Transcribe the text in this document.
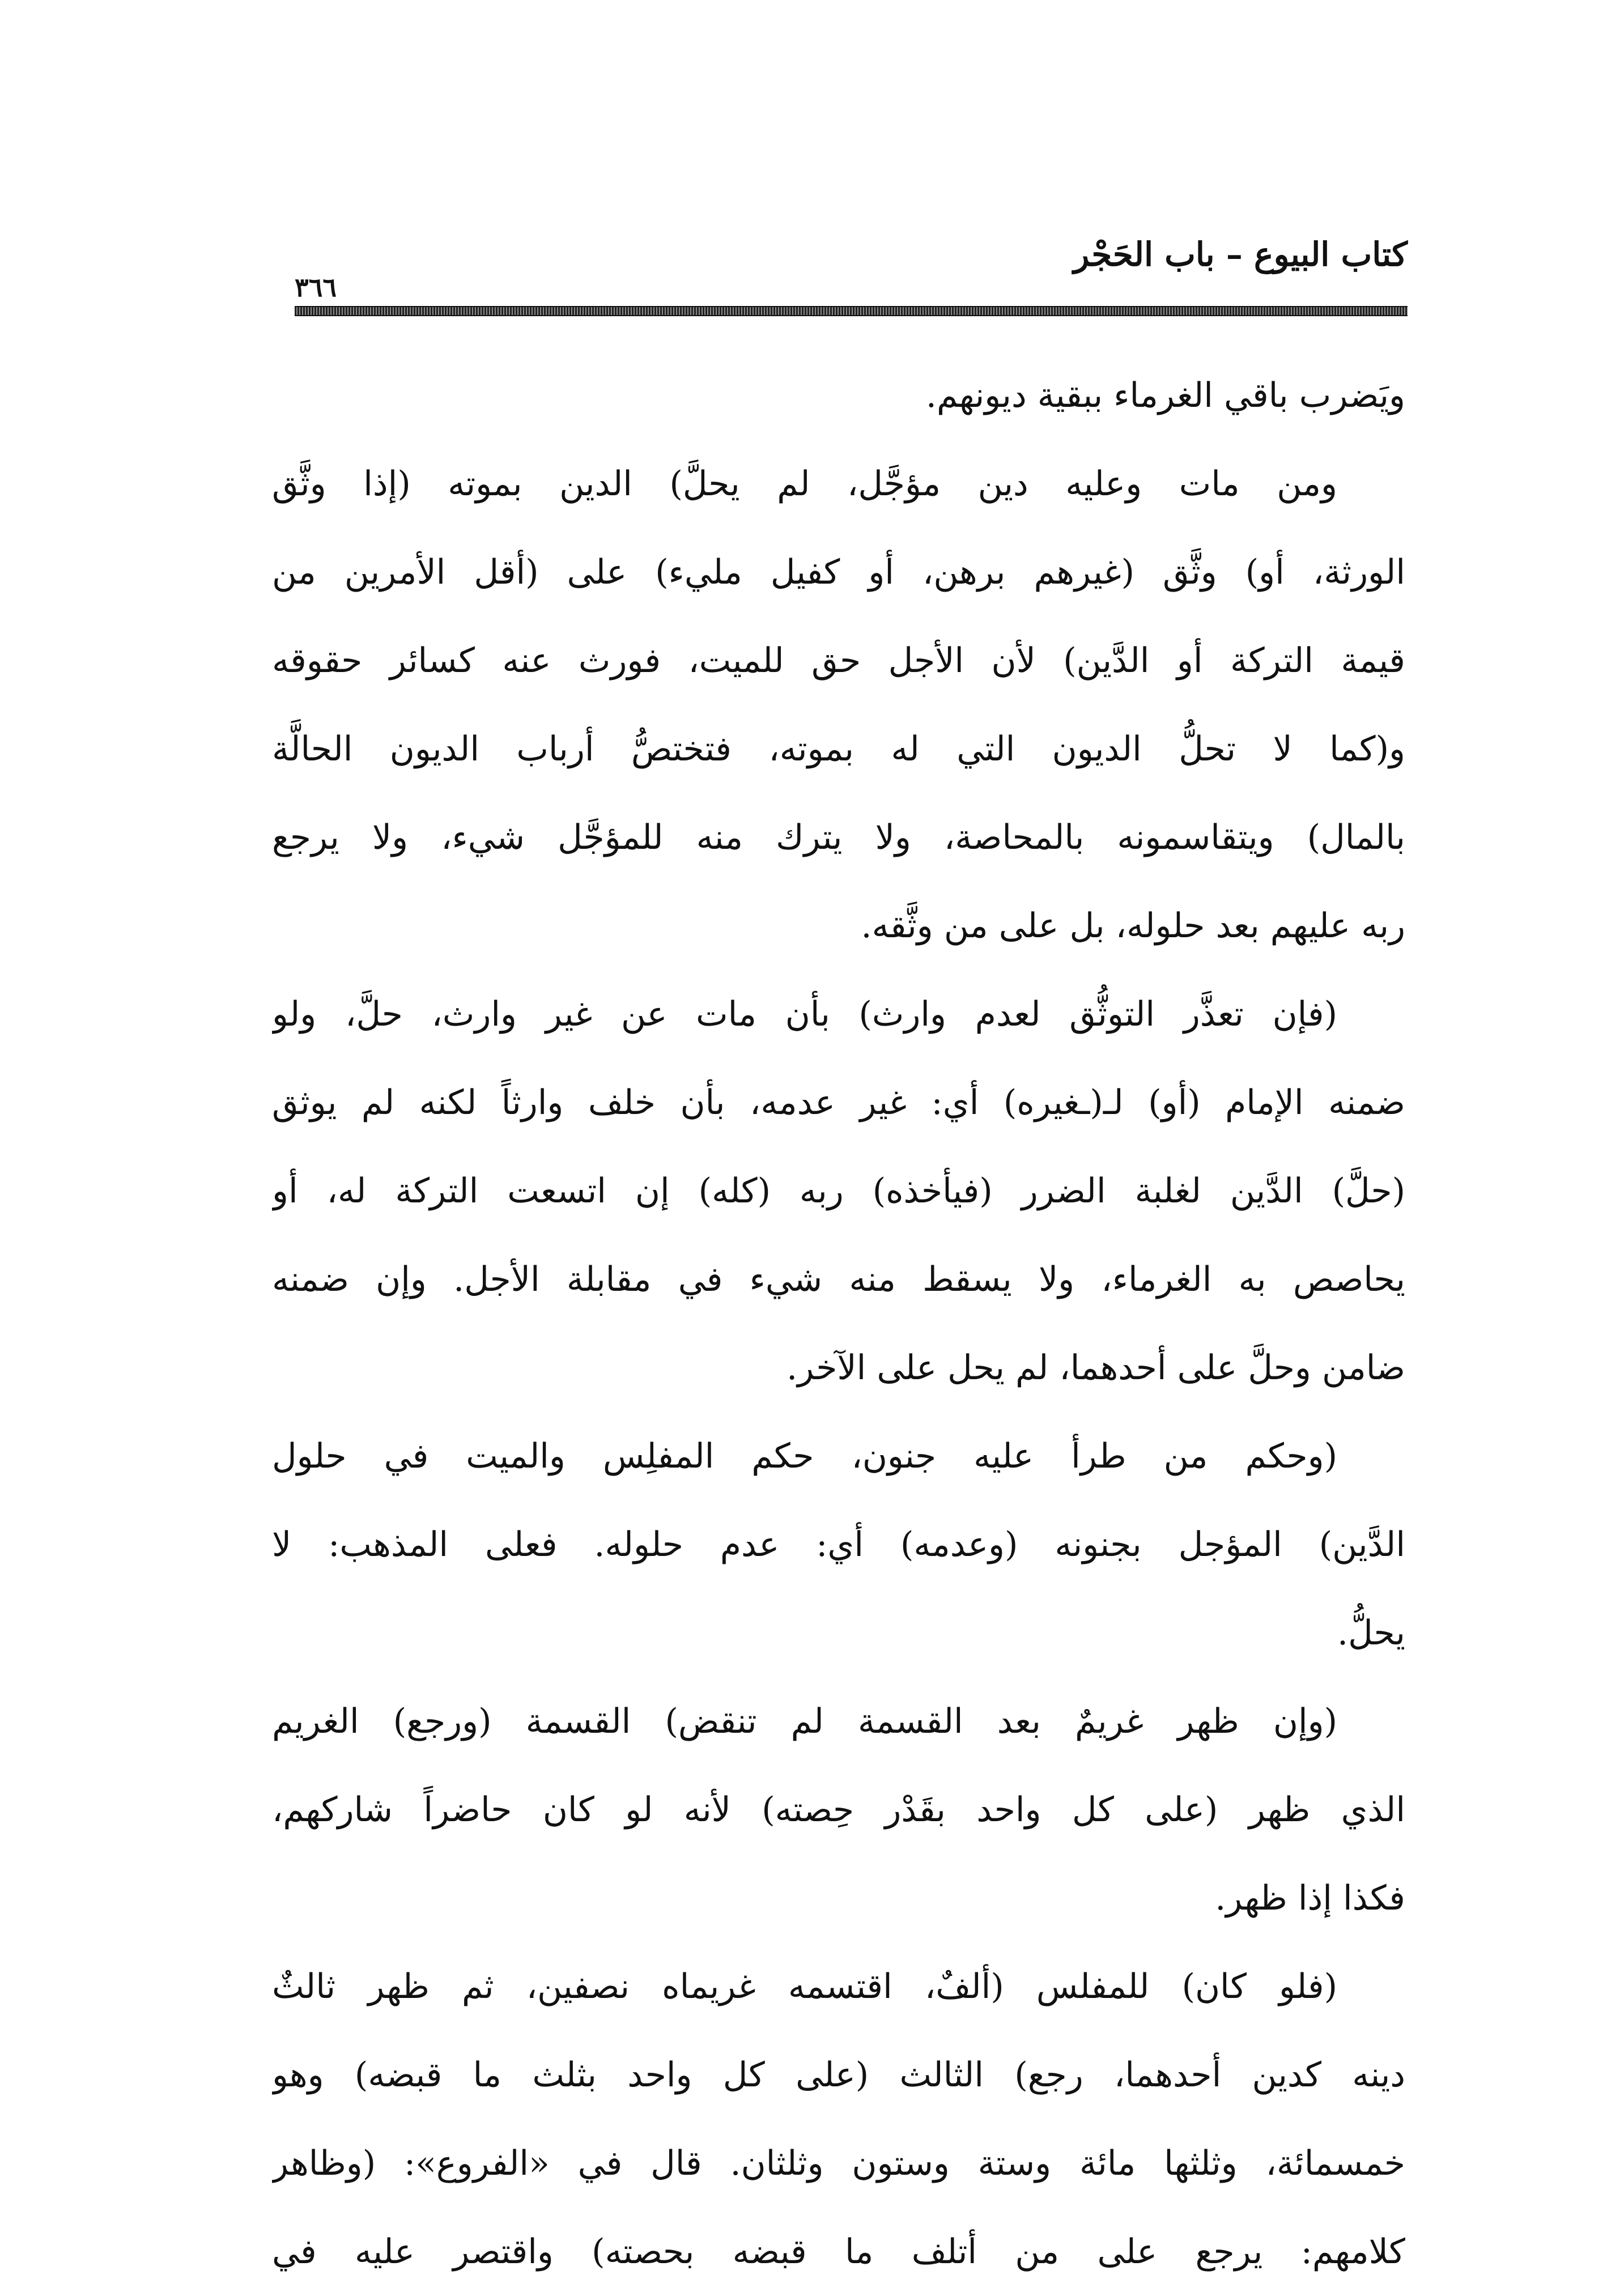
كتاب البيوع – باب الحَجْر
٣٦٦
ويَضرب باقي الغرماء ببقية ديونهم.
ومن مات وعليه دين مؤجَّل، لم يحلَّ) الدين بموته (إذا وثَّق
الورثة، أو) وثَّق (غيرهم برهن، أو كفيل مليء) على (أقل الأمرين من
قيمة التركة أو الدَّين) لأن الأجل حق للميت، فورث عنه كسائر حقوقه
و(كما لا تحلُّ الديون التي له بموته، فتختصُّ أرباب الديون الحالَّة
بالمال) ويتقاسمونه بالمحاصة، ولا يترك منه للمؤجَّل شيء، ولا يرجع
ربه عليهم بعد حلوله، بل على من وثَّقه.
(فإن تعذَّر التوثُّق لعدم وارث) بأن مات عن غير وارث، حلَّ، ولو
ضمنه الإمام (أو) لـ(ـغيره) أي: غير عدمه، بأن خلف وارثاً لكنه لم يوثق
(حلَّ) الدَّين لغلبة الضرر (فيأخذه) ربه (كله) إن اتسعت التركة له، أو
يحاصص به الغرماء، ولا يسقط منه شيء في مقابلة الأجل. وإن ضمنه
ضامن وحلَّ على أحدهما، لم يحل على الآخر.
(وحكم من طرأ عليه جنون، حكم المفلِس والميت في حلول
الدَّين) المؤجل بجنونه (وعدمه) أي: عدم حلوله. فعلى المذهب: لا
يحلُّ.
(وإن ظهر غريمٌ بعد القسمة لم تنقض) القسمة (ورجع) الغريم
الذي ظهر (على كل واحد بقَدْر حِصته) لأنه لو كان حاضراً شاركهم،
فكذا إذا ظهر.
(فلو كان) للمفلس (ألفٌ، اقتسمه غريماه نصفين، ثم ظهر ثالثٌ
دينه كدين أحدهما، رجع) الثالث (على كل واحد بثلث ما قبضه) وهو
خمسمائة، وثلثها مائة وستة وستون وثلثان. قال في «الفروع»: (وظاهر
كلامهم: يرجع على من أتلف ما قبضه بحصته) واقتصر عليه في
